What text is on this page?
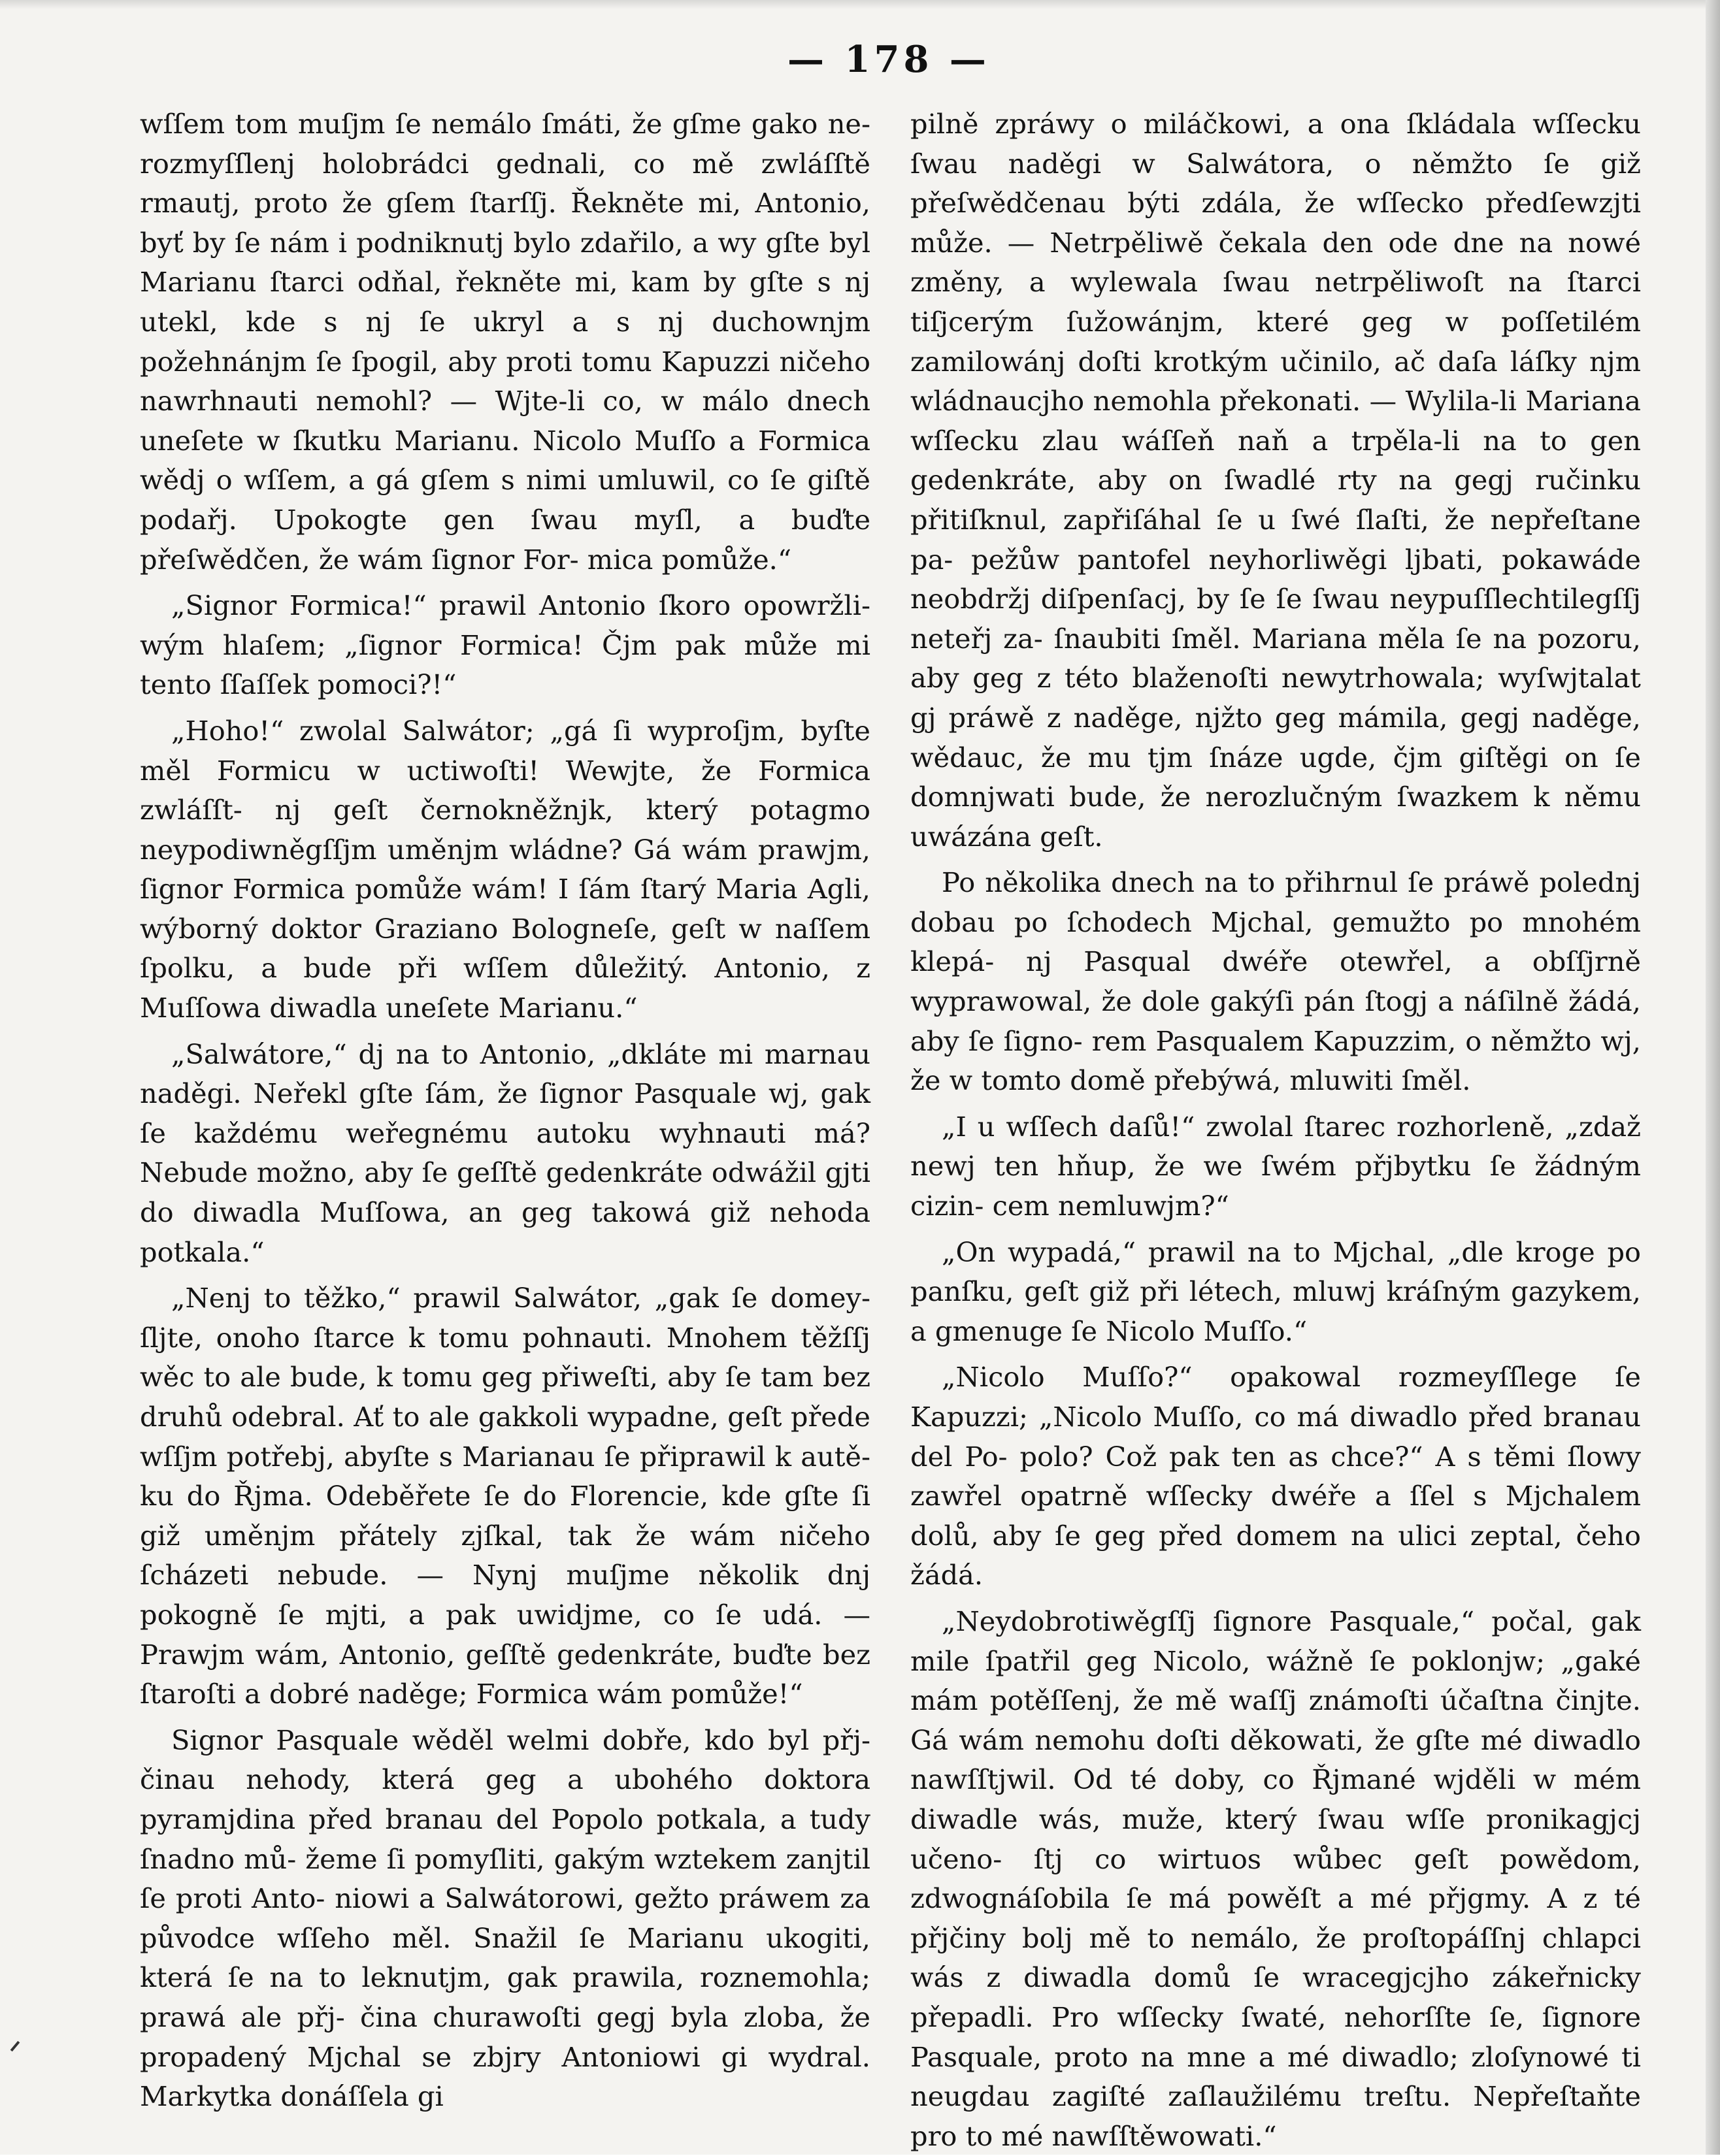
— 178 —

wſſem tom muſjm ſe nemálo ſmáti, že gſme gako ne- rozmyſſlenj holobrádci gednali, co mě zwláſſtě rmautj, proto že gſem ſtarſſj. Řekněte mi, Antonio, byť by ſe nám i podniknutj bylo zdařilo, a wy gſte byl Marianu ſtarci odňal, řekněte mi, kam by gſte s nj utekl, kde s nj ſe ukryl a s nj duchownjm požehnánjm ſe ſpogil, aby proti tomu Kapuzzi ničeho nawrhnauti nemohl? — Wjte-li co, w málo dnech uneſete w ſkutku Marianu. Nicolo Muſſo a Formica wědj o wſſem, a gá gſem s nimi umluwil, co ſe giſtě podařj. Upokogte gen ſwau myſl, a buďte přeſwědčen, že wám ſignor For- mica pomůže.“

„Signor Formica!“ prawil Antonio ſkoro opowržli- wým hlaſem; „ſignor Formica! Čjm pak může mi tento ſſaſſek pomoci?!“

„Hoho!“ zwolal Salwátor; „gá ſi wyproſjm, byſte měl Formicu w uctiwoſti! Wewjte, že Formica zwláſſt- nj geſt černokněžnjk, který potagmo neypodiwněgſſjm uměnjm wládne? Gá wám prawjm, ſignor Formica pomůže wám! I ſám ſtarý Maria Agli, wýborný doktor Graziano Bologneſe, geſt w naſſem ſpolku, a bude při wſſem důležitý. Antonio, z Muſſowa diwadla uneſete Marianu.“

„Salwátore,“ dj na to Antonio, „dkláte mi marnau naděgi. Neřekl gſte ſám, že ſignor Pasquale wj, gak ſe každému weřegnému autoku wyhnauti má? Nebude možno, aby ſe geſſtě gedenkráte odwážil gjti do diwadla Muſſowa, an geg takowá giž nehoda potkala.“

„Nenj to těžko,“ prawil Salwátor, „gak ſe domey- ſljte, onoho ſtarce k tomu pohnauti. Mnohem těžſſj wěc to ale bude, k tomu geg přiweſti, aby ſe tam bez druhů odebral. Ať to ale gakkoli wypadne, geſt přede wſſjm potřebj, abyſte s Marianau ſe připrawil k autě- ku do Řjma. Odeběřete ſe do Florencie, kde gſte ſi giž uměnjm přátely zjſkal, tak že wám ničeho ſcházeti nebude. — Nynj muſjme několik dnj pokogně ſe mjti, a pak uwidjme, co ſe udá. — Prawjm wám, Antonio, geſſtě gedenkráte, buďte bez ſtaroſti a dobré naděge; Formica wám pomůže!“

Signor Pasquale wěděl welmi dobře, kdo byl přj- činau nehody, která geg a ubohého doktora pyramjdina před branau del Popolo potkala, a tudy ſnadno mů- žeme ſi pomyſliti, gakým wztekem zanjtil ſe proti Anto- niowi a Salwátorowi, gežto práwem za původce wſſeho měl. Snažil ſe Marianu ukogiti, která ſe na to leknutjm, gak prawila, roznemohla; prawá ale přj- čina churawoſti gegj byla zloba, že propadený Mjchal se zbjry Antoniowi gi wydral. Markytka donáſſela gi

pilně zpráwy o miláčkowi, a ona ſkládala wſſecku ſwau naděgi w Salwátora, o němžto ſe giž přeſwědčenau býti zdála, že wſſecko předſewzjti může. — Netrpěliwě čekala den ode dne na nowé změny, a wylewala ſwau netrpěliwoſt na ſtarci tiſjcerým ſužowánjm, které geg w poſſetilém zamilowánj doſti krotkým učinilo, ač daſa láſky njm wládnaucjho nemohla překonati. — Wylila-li Mariana wſſecku zlau wáſſeň naň a trpěla-li na to gen gedenkráte, aby on ſwadlé rty na gegj ručinku přitiſknul, zapřiſáhal ſe u ſwé ſlaſti, že nepřeſtane pa- pežůw pantofel neyhorliwěgi ljbati, pokawáde neobdržj diſpenſacj, by ſe ſe ſwau neypuſſlechtilegſſj neteřj za- ſnaubiti ſměl. Mariana měla ſe na pozoru, aby geg z této blaženoſti newytrhowala; wyſwjtalat gj práwě z naděge, njžto geg mámila, gegj naděge, wědauc, že mu tjm ſnáze ugde, čjm giſtěgi on ſe domnjwati bude, že nerozlučným ſwazkem k němu uwázána geſt.

Po několika dnech na to přihrnul ſe práwě polednj dobau po ſchodech Mjchal, gemužto po mnohém klepá- nj Pasqual dwéře otewřel, a obſſjrně wyprawowal, že dole gakýſi pán ſtogj a náſilně žádá, aby ſe ſigno- rem Pasqualem Kapuzzim, o němžto wj, že w tomto domě přebýwá, mluwiti ſměl.

„I u wſſech daſů!“ zwolal ſtarec rozhorleně, „zdaž newj ten hňup, že we ſwém přjbytku ſe žádným cizin- cem nemluwjm?“

„On wypadá,“ prawil na to Mjchal, „dle kroge po panſku, geſt giž při létech, mluwj kráſným gazykem, a gmenuge ſe Nicolo Muſſo.“

„Nicolo Muſſo?“ opakowal rozmeyſſlege ſe Kapuzzi; „Nicolo Muſſo, co má diwadlo před branau del Po- polo? Což pak ten as chce?“ A s těmi ſlowy zawřel opatrně wſſecky dwéře a ſſel s Mjchalem dolů, aby ſe geg před domem na ulici zeptal, čeho žádá.

„Neydobrotiwěgſſj ſignore Pasquale,“ počal, gak mile ſpatřil geg Nicolo, wážně ſe poklonjw; „gaké mám potěſſenj, že mě waſſj známoſti účaſtna činjte. Gá wám nemohu doſti děkowati, že gſte mé diwadlo nawſſtjwil. Od té doby, co Řjmané wjděli w mém diwadle wás, muže, který ſwau wſſe pronikagjcj učeno- ſtj co wirtuos wůbec geſt powědom, zdwognáſobila ſe má powěſt a mé přjgmy. A z té přjčiny bolj mě to nemálo, že proſtopáſſnj chlapci wás z diwadla domů ſe wracegjcjho zákeřnicky přepadli. Pro wſſecky ſwaté, nehorſſte ſe, ſignore Pasquale, proto na mne a mé diwadlo; zloſynowé ti neugdau zagiſté zaſlaužilému treſtu. Nepřeſtaňte pro to mé nawſſtěwowati.“
